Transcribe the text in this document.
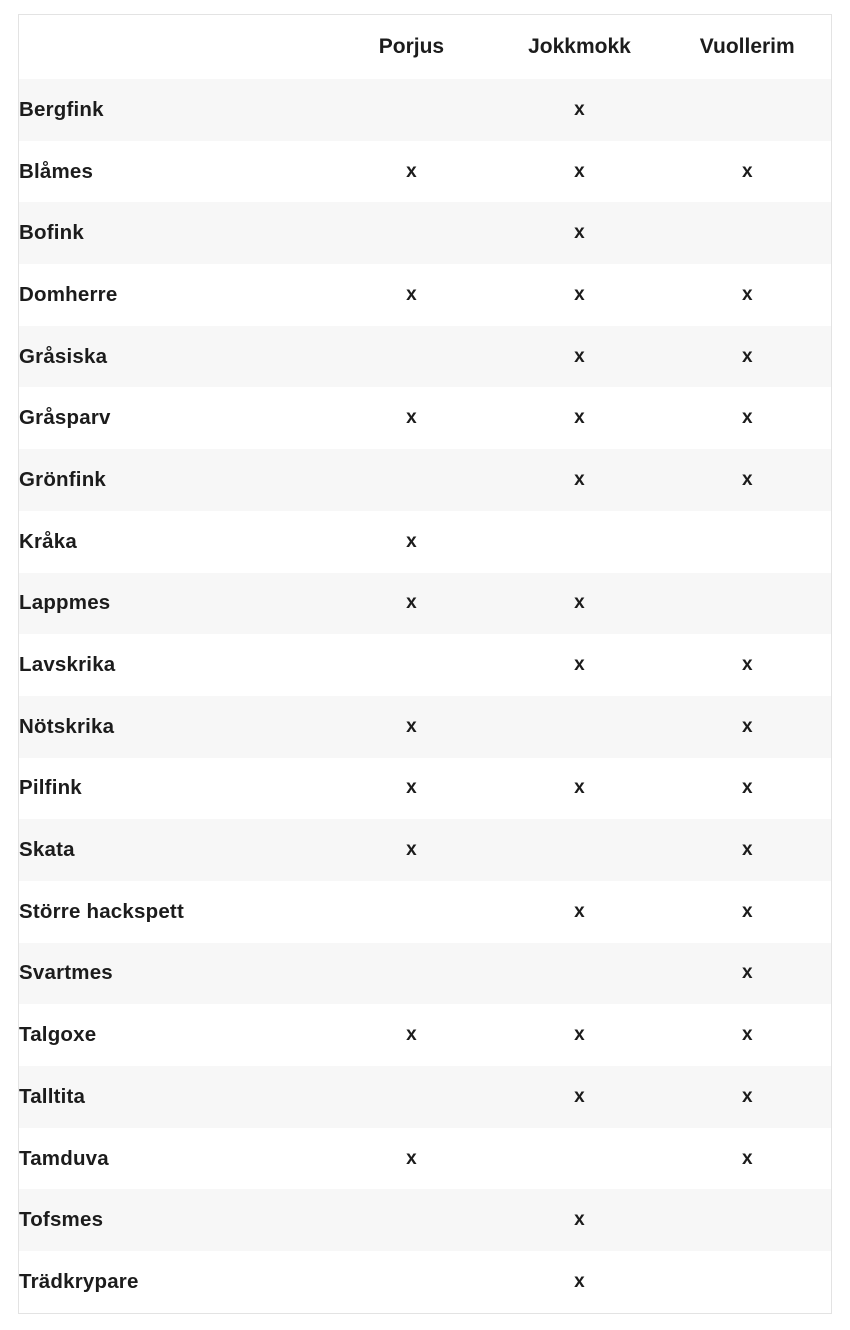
	Porjus	Jokkmokk	Vuollerim
Bergfink		x	
Blåmes	x	x	x
Bofink		x	
Domherre	x	x	x
Gråsiska		x	x
Gråsparv	x	x	x
Grönfink		x	x
Kråka	x		
Lappmes	x	x	
Lavskrika		x	x
Nötskrika	x		x
Pilfink	x	x	x
Skata	x		x
Större hackspett		x	x
Svartmes			x
Talgoxe	x	x	x
Talltita		x	x
Tamduva	x		x
Tofsmes		x	
Trädkrypare		x	
